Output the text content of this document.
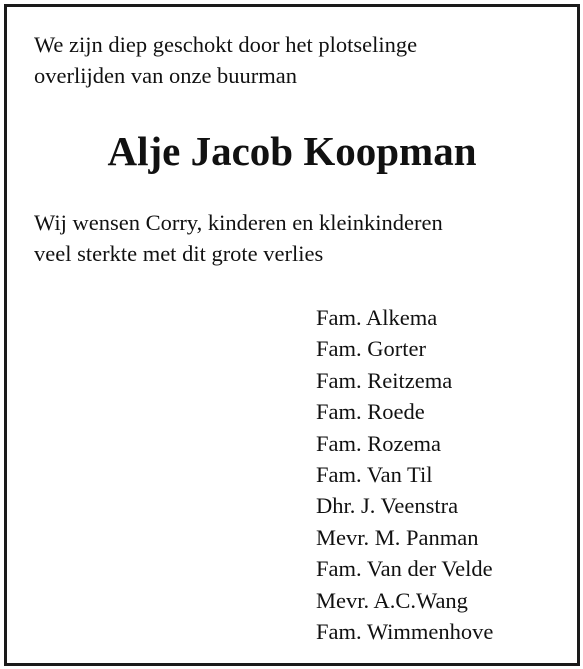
We zijn diep geschokt door het plotselinge
overlijden van onze buurman
Alje Jacob Koopman
Wij wensen Corry, kinderen en kleinkinderen
veel sterkte met dit grote verlies
Fam. Alkema
Fam. Gorter
Fam. Reitzema
Fam. Roede
Fam. Rozema
Fam. Van Til
Dhr. J. Veenstra
Mevr. M. Panman
Fam. Van der Velde
Mevr. A.C.Wang
Fam. Wimmenhove
